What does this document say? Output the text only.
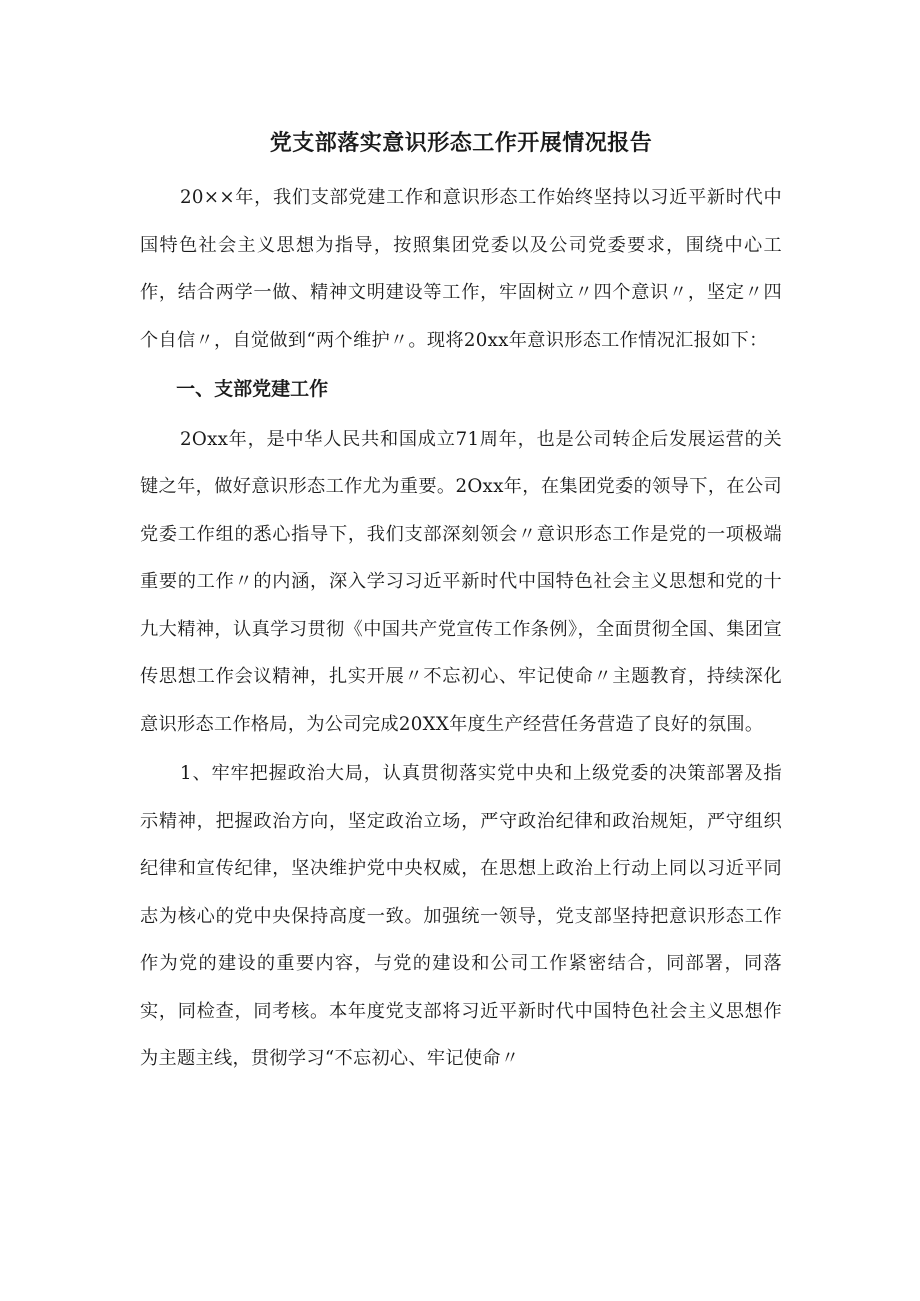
党支部落实意识形态工作开展情况报告

20××年，我们支部党建工作和意识形态工作始终坚持以习近平新时代中国特色社会主义思想为指导，按照集团党委以及公司党委要求，围绕中心工作，结合两学一做、精神文明建设等工作，牢固树立〃四个意识〃，坚定〃四个自信〃，自觉做到“两个维护〃。现将20xx年意识形态工作情况汇报如下：

一、支部党建工作

2Oxx年，是中华人民共和国成立71周年，也是公司转企后发展运营的关键之年，做好意识形态工作尤为重要。2Oxx年，在集团党委的领导下，在公司党委工作组的悉心指导下，我们支部深刻领会〃意识形态工作是党的一项极端重要的工作〃的内涵，深入学习习近平新时代中国特色社会主义思想和党的十九大精神，认真学习贯彻《中国共产党宣传工作条例》，全面贯彻全国、集团宣传思想工作会议精神，扎实开展〃不忘初心、牢记使命〃主题教育，持续深化意识形态工作格局，为公司完成20XX年度生产经营任务营造了良好的氛围。

1、牢牢把握政治大局，认真贯彻落实党中央和上级党委的决策部署及指示精神，把握政治方向，坚定政治立场，严守政治纪律和政治规矩，严守组织纪律和宣传纪律，坚决维护党中央权威，在思想上政治上行动上同以习近平同志为核心的党中央保持高度一致。加强统一领导，党支部坚持把意识形态工作作为党的建设的重要内容，与党的建设和公司工作紧密结合，同部署，同落实，同检查，同考核。本年度党支部将习近平新时代中国特色社会主义思想作为主题主线，贯彻学习“不忘初心、牢记使命〃
